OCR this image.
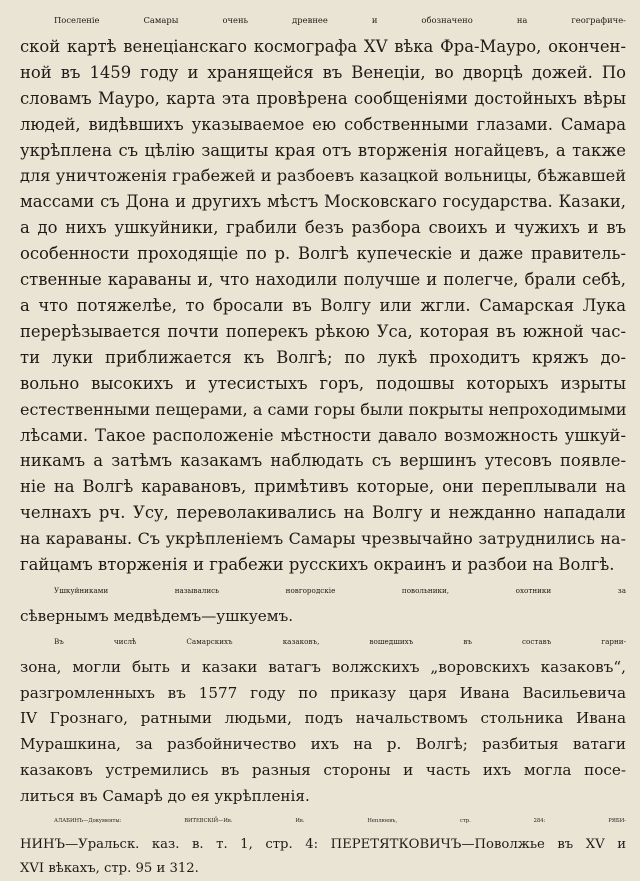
Поселенiе Самары очень древнее и обозначено на географиче-
ской картѣ венецiанскаго космографа XV вѣка Фра-Мауро, окончен-
ной въ 1459 году и хранящейся въ Венецiи, во дворцѣ дожей. По
словамъ Мауро, карта эта провѣрена сообщенiями достойныхъ вѣры
людей, видѣвшихъ указываемое ею собственными глазами. Самара
укрѣплена съ цѣлiю защиты края отъ вторженiя ногайцевъ, а также
для уничтоженiя грабежей и разбоевъ казацкой вольницы, бѣжавшей
массами съ Дона и другихъ мѣстъ Московскаго государства. Казаки,
а до нихъ ушкуйники, грабили безъ разбора своихъ и чужихъ и въ
особенности проходящiе по р. Волгѣ купеческiе и даже правитель-
ственные караваны и, что находили получше и полегче, брали себѣ,
а что потяжелѣе, то бросали въ Волгу или жгли. Самарская Лука
перерѣзывается почти поперекъ рѣкою Уса, которая въ южной час-
ти луки приближается къ Волгѣ; по лукѣ проходитъ кряжъ до-
вольно высокихъ и утесистыхъ горъ, подошвы которыхъ изрыты
естественными пещерами, а сами горы были покрыты непроходимыми
лѣсами. Такое расположенiе мѣстности давало возможность ушкуй-
никамъ а затѣмъ казакамъ наблюдать съ вершинъ утесовъ появле-
нiе на Волгѣ каравановъ, примѣтивъ которые, они переплывали на
челнахъ рч. Усу, переволакивались на Волгу и нежданно нападали
на караваны. Съ укрѣпленiемъ Самары чрезвычайно затруднились на-
гайцамъ вторженiя и грабежи русскихъ окраинъ и разбои на Волгѣ.

Ушкуйниками назывались новгородскiе повольники, охотники за
сѣвернымъ медвѣдемъ—ушкуемъ.

Въ числѣ Самарскихъ казаковъ, вошедшихъ въ составъ гарни-
зона, могли быть и казаки ватагъ волжскихъ „воровскихъ казаковъ“,
разгромленныхъ въ 1577 году по приказу царя Ивана Васильевича
IV Грознаго, ратными людьми, подъ начальствомъ стольника Ивана
Мурашкина, за разбойничество ихъ на р. Волгѣ; разбитыя ватаги
казаковъ устремились въ разныя стороны и часть ихъ могла посе-
литься въ Самарѣ до ея укрѣпленiя.

АЛАБИНЪ—Документы: ВИТЕВСКIЙ—Ив. Ив. Неплюевъ, стр. 284: РЯБИ-
НИНЪ—Уральск. каз. в. т. 1, стр. 4: ПЕРЕТЯТКОВИЧЪ—Поволжье въ XV и
XVI вѣкахъ, стр. 95 и 312.
